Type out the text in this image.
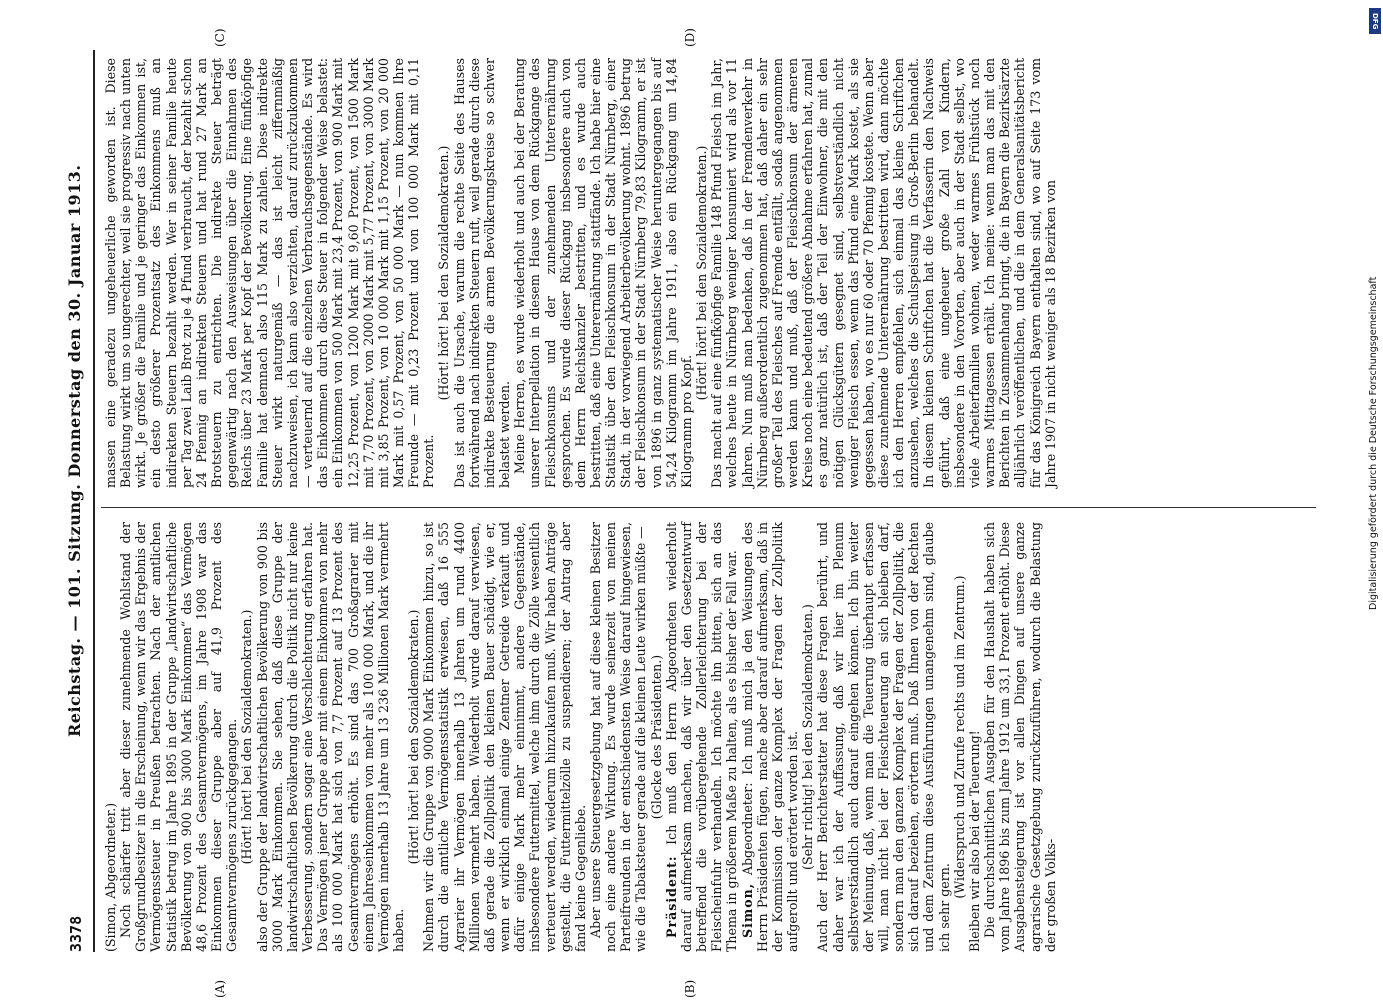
3378
Reichstag. — 101. Sitzung. Donnerstag den 30. Januar 1913.
(A)	(B)
(C)	(D)

(Simon, Abgeordneter.) Noch schärfer tritt aber dieser zunehmende Wohlstand der Großgrundbesitzer in die Erscheinung, wenn wir das Ergebnis der Vermögenssteuer in Preußen betrachten. Nach der amtlichen Statistik betrug im Jahre 1895 in der Gruppe „landwirtschaftliche Bevölkerung von 900 bis 3000 Mark Einkommen“ das Vermögen 48,6 Prozent des Gesamtvermögens, im Jahre 1908 war das Einkommen dieser Gruppe aber auf 41,9 Prozent des Gesamtvermögens zurückgegangen. (Hört! hört! bei den Sozialdemokraten.) also der Gruppe der landwirtschaftlichen Bevölkerung von 900 bis 3000 Mark Einkommen. Sie sehen, daß diese Gruppe der landwirtschaftlichen Bevölkerung durch die Politik nicht nur keine Verbesserung, sondern sogar eine Verschlechterung erfahren hat. Das Vermögen jener Gruppe aber mit einem Einkommen von mehr als 100 000 Mark hat sich von 7,7 Prozent auf 13 Prozent des Gesamtvermögens erhöht. Es sind das 700 Großagrarier mit einem Jahreseinkommen von mehr als 100 000 Mark, und die ihr Vermögen innerhalb 13 Jahre um 13 236 Millionen Mark vermehrt haben.

(Hört! hört! bei den Sozialdemokraten.) Nehmen wir die Gruppe von 9000 Mark Einkommen hinzu, so ist durch die amtliche Vermögensstatistik erwiesen, daß 16 555 Agrarier ihr Vermögen innerhalb 13 Jahren um rund 4400 Millionen vermehrt haben. Wiederholt wurde darauf verwiesen, daß gerade die Zollpolitik den kleinen Bauer schädigt, wie er, wenn er wirklich einmal einige Zentner Getreide verkauft und dafür einige Mark mehr einnimmt, andere Gegenstände, insbesondere Futtermittel, welche ihm durch die Zölle wesentlich verteuert werden, wiederum hinzukaufen muß. Wir haben Anträge gestellt, die Futtermittelzölle zu suspendieren; der Antrag aber fand keine Gegenliebe. Aber unsere Steuergesetzgebung hat auf diese kleinen Besitzer noch eine andere Wirkung. Es wurde seinerzeit von meinen Parteifreunden in der entschiedensten Weise darauf hingewiesen, wie die Tabaksteuer gerade auf die kleinen Leute wirken müßte — (Glocke des Präsidenten.)

Präsident: Ich muß den Herrn Abgeordneten wiederholt darauf aufmerksam machen, daß wir über den Gesetzentwurf betreffend die vorübergehende Zollerleichterung bei der Fleischeinfuhr verhandeln. Ich möchte ihn bitten, sich an das Thema in größerem Maße zu halten, als es bisher der Fall war. Simon, Abgeordneter: Ich muß mich ja den Weisungen des Herrn Präsidenten fügen, mache aber darauf aufmerksam, daß in der Kommission der ganze Komplex der Fragen der Zollpolitik aufgerollt und erörtert worden ist. (Sehr richtig! bei den Sozialdemokraten.) Auch der Herr Berichterstatter hat diese Fragen berührt, und daher war ich der Auffassung, daß wir hier im Plenum selbstverständlich auch darauf eingehen können. Ich bin weiter der Meinung, daß, wenn man die Teuerung überhaupt erfassen will, man nicht bei der Fleischteuerung an sich bleiben darf, sondern man den ganzen Komplex der Fragen der Zollpolitik, die sich darauf beziehen, erörtern muß. Daß Ihnen von der Rechten und dem Zentrum diese Ausführungen unangenehm sind, glaube ich sehr gern.

(Widerspruch und Zurufe rechts und im Zentrum.) Bleiben wir also bei der Teuerung! Die durchschnittlichen Ausgaben für den Haushalt haben sich vom Jahre 1896 bis zum Jahre 1912 um 33,1 Prozent erhöht. Diese Ausgabensteigerung ist vor allen Dingen auf unsere ganze agrarische Gesetzgebung zurückzuführen, wodurch die Belastung der großen Volks-

massen eine geradezu ungeheuerliche geworden ist. Diese Belastung wirkt um so ungerechter, weil sie progressiv nach unten wirkt. Je größer die Familie und je geringer das Einkommen ist, ein desto größerer Prozentsatz des Einkommens muß an indirekten Steuern bezahlt werden. Wer in seiner Familie heute per Tag zwei Laib Brot zu je 4 Pfund verbraucht, der bezahlt schon 24 Pfennig an indirekten Steuern und hat rund 27 Mark an Brotsteuern zu entrichten. Die indirekte Steuer beträgt gegenwärtig nach den Ausweisungen über die Einnahmen des Reichs über 23 Mark per Kopf der Bevölkerung. Eine fünfköpfige Familie hat demnach also 115 Mark zu zahlen. Diese indirekte Steuer wirkt naturgemäß — das ist leicht ziffernmäßig nachzuweisen, ich kann also verzichten, darauf zurückzukommen — verteuernd auf die einzelnen Verbrauchsgegenstände. Es wird das Einkommen durch diese Steuer in folgender Weise belastet: ein Einkommen von 500 Mark mit 23,4 Prozent, von 900 Mark mit 12,25 Prozent, von 1200 Mark mit 9,60 Prozent, von 1500 Mark mit 7,70 Prozent, von 2000 Mark mit 5,77 Prozent, von 3000 Mark mit 3,85 Prozent, von 10 000 Mark mit 1,15 Prozent, von 20 000 Mark mit 0,57 Prozent, von 50 000 Mark — nun kommen Ihre Freunde — mit 0,23 Prozent und von 100 000 Mark mit 0,11 Prozent.

(Hört! hört! bei den Sozialdemokraten.) Das ist auch die Ursache, warum die rechte Seite des Hauses fortwährend nach indirekten Steuern ruft, weil gerade durch diese indirekte Besteuerung die armen Bevölkerungskreise so schwer belastet werden. Meine Herren, es wurde wiederholt und auch bei der Beratung unserer Interpellation in diesem Hause von dem Rückgange des Fleischkonsums und der zunehmenden Unterernährung gesprochen. Es wurde dieser Rückgang insbesondere auch von dem Herrn Reichskanzler bestritten, und es wurde auch bestritten, daß eine Unterernährung stattfände. Ich habe hier eine Statistik über den Fleischkonsum in der Stadt Nürnberg, einer Stadt, in der vorwiegend Arbeiterbevölkerung wohnt. 1896 betrug der Fleischkonsum in der Stadt Nürnberg 79,83 Kilogramm, er ist von 1896 in ganz systematischer Weise heruntergegangen bis auf 54,24 Kilogramm im Jahre 1911, also ein Rückgang um 14,84 Kilogramm pro Kopf.

(Hört! hört! bei den Sozialdemokraten.) Das macht auf eine fünfköpfige Familie 148 Pfund Fleisch im Jahr, welches heute in Nürnberg weniger konsumiert wird als vor 11 Jahren. Nun muß man bedenken, daß in der Fremdenverkehr in Nürnberg außerordentlich zugenommen hat, daß daher ein sehr großer Teil des Fleisches auf Fremde entfällt, sodaß angenommen werden kann und muß, daß der Fleischkonsum der ärmeren Kreise noch eine bedeutend größere Abnahme erfahren hat, zumal es ganz natürlich ist, daß der Teil der Einwohner, die mit den nötigen Glücksgütern gesegnet sind, selbstverständlich nicht weniger Fleisch essen, wenn das Pfund eine Mark kostet, als sie gegessen haben, wo es nur 60 oder 70 Pfennig kostete. Wenn aber diese zunehmende Unterernährung bestritten wird, dann möchte ich den Herren empfehlen, sich einmal das kleine Schriftchen anzusehen, welches die Schulspeisung in Groß-Berlin behandelt. In diesem kleinen Schriftchen hat die Verfasserin den Nachweis geführt, daß eine ungeheuer große Zahl von Kindern, insbesondere in den Vororten, aber auch in der Stadt selbst, wo viele Arbeiterfamilien wohnen, weder warmes Frühstück noch warmes Mittagessen erhält. Ich meine: wenn man das mit den Berichten in Zusammenhang bringt, die in Bayern die Bezirksärzte alljährlich veröffentlichen, und die in dem Generalsanitätsbericht für das Königreich Bayern enthalten sind, wo auf Seite 173 vom Jahre 1907 in nicht weniger als 18 Bezirken von

DFG
Digitalisierung gefördert durch die Deutsche Forschungsgemeinschaft
